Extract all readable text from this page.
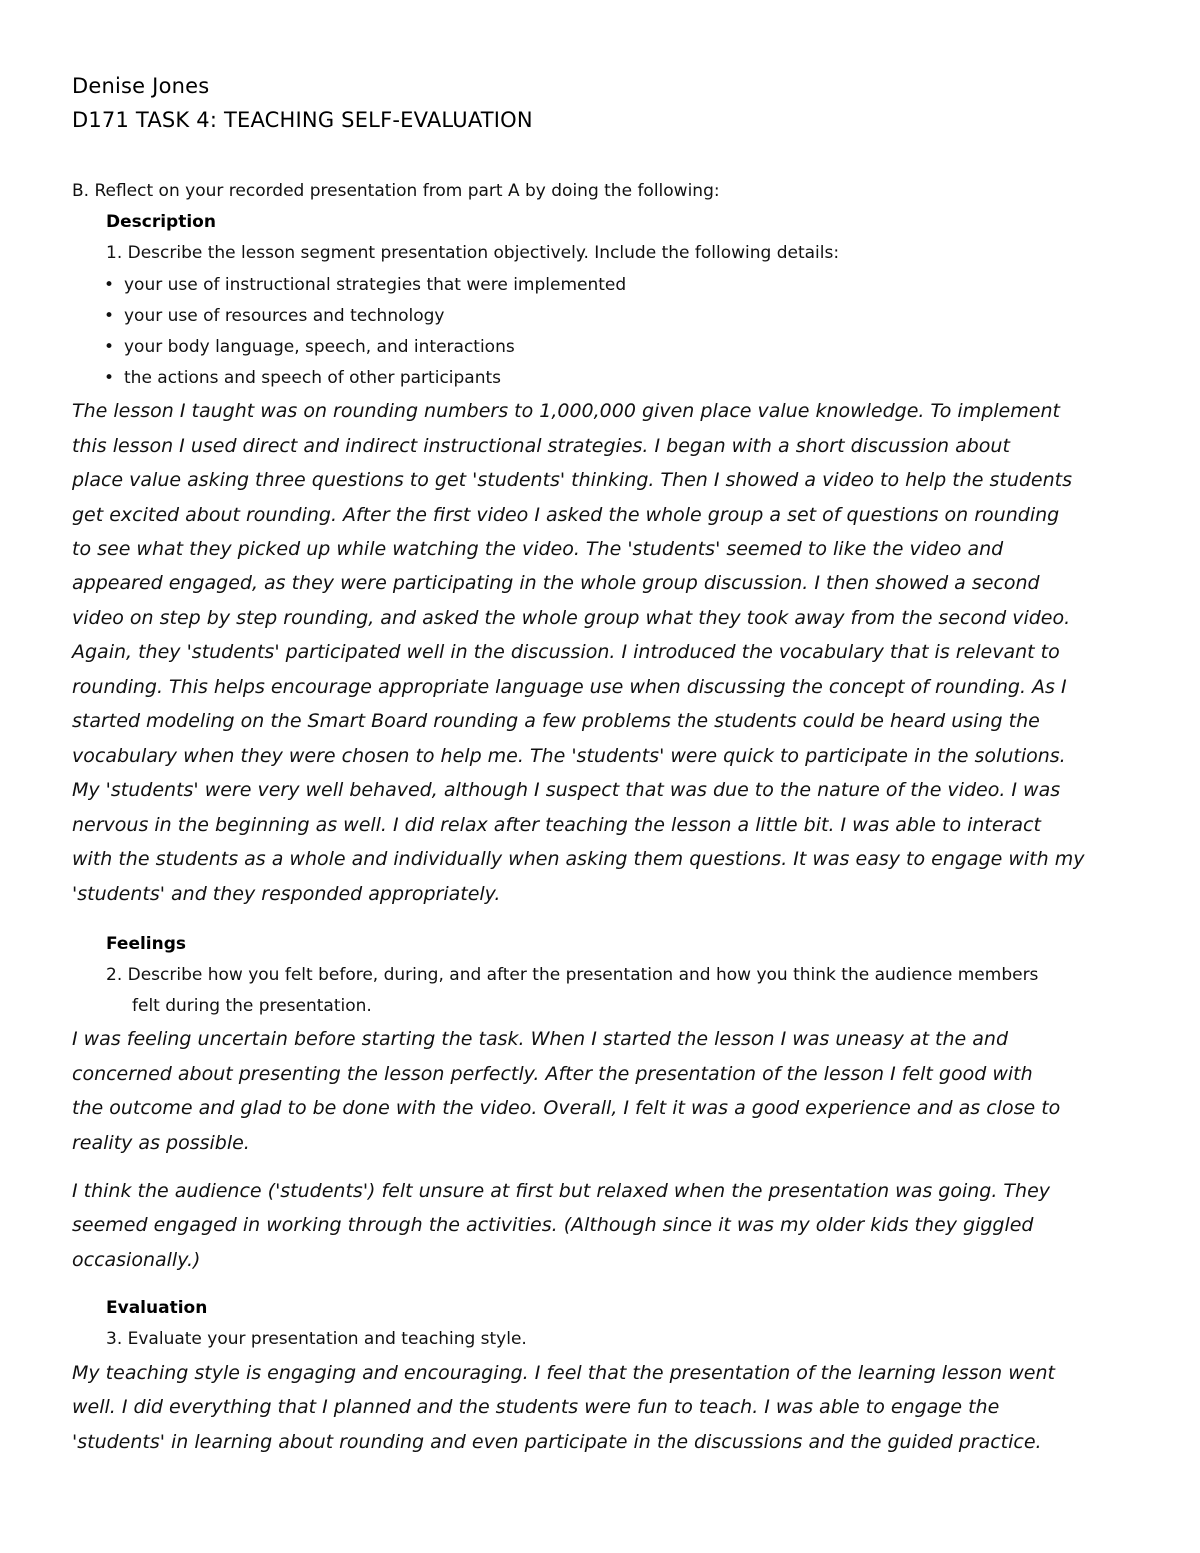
Denise Jones
D171 TASK 4: TEACHING SELF-EVALUATION
B. Reflect on your recorded presentation from part A by doing the following:
Description
1. Describe the lesson segment presentation objectively. Include the following details:
• your use of instructional strategies that were implemented
• your use of resources and technology
• your body language, speech, and interactions
• the actions and speech of other participants
The lesson I taught was on rounding numbers to 1,000,000 given place value knowledge. To implement
this lesson I used direct and indirect instructional strategies. I began with a short discussion about
place value asking three questions to get 'students' thinking. Then I showed a video to help the students
get excited about rounding. After the first video I asked the whole group a set of questions on rounding
to see what they picked up while watching the video. The 'students' seemed to like the video and
appeared engaged, as they were participating in the whole group discussion. I then showed a second
video on step by step rounding, and asked the whole group what they took away from the second video.
Again, they 'students' participated well in the discussion. I introduced the vocabulary that is relevant to
rounding. This helps encourage appropriate language use when discussing the concept of rounding. As I
started modeling on the Smart Board rounding a few problems the students could be heard using the
vocabulary when they were chosen to help me. The 'students' were quick to participate in the solutions.
My 'students' were very well behaved, although I suspect that was due to the nature of the video. I was
nervous in the beginning as well. I did relax after teaching the lesson a little bit. I was able to interact
with the students as a whole and individually when asking them questions. It was easy to engage with my
'students' and they responded appropriately.
Feelings
2. Describe how you felt before, during, and after the presentation and how you think the audience members
felt during the presentation.
I was feeling uncertain before starting the task. When I started the lesson I was uneasy at the and
concerned about presenting the lesson perfectly. After the presentation of the lesson I felt good with
the outcome and glad to be done with the video. Overall, I felt it was a good experience and as close to
reality as possible.
I think the audience ('students') felt unsure at first but relaxed when the presentation was going. They
seemed engaged in working through the activities. (Although since it was my older kids they giggled
occasionally.)
Evaluation
3. Evaluate your presentation and teaching style.
My teaching style is engaging and encouraging. I feel that the presentation of the learning lesson went
well. I did everything that I planned and the students were fun to teach. I was able to engage the
'students' in learning about rounding and even participate in the discussions and the guided practice.
